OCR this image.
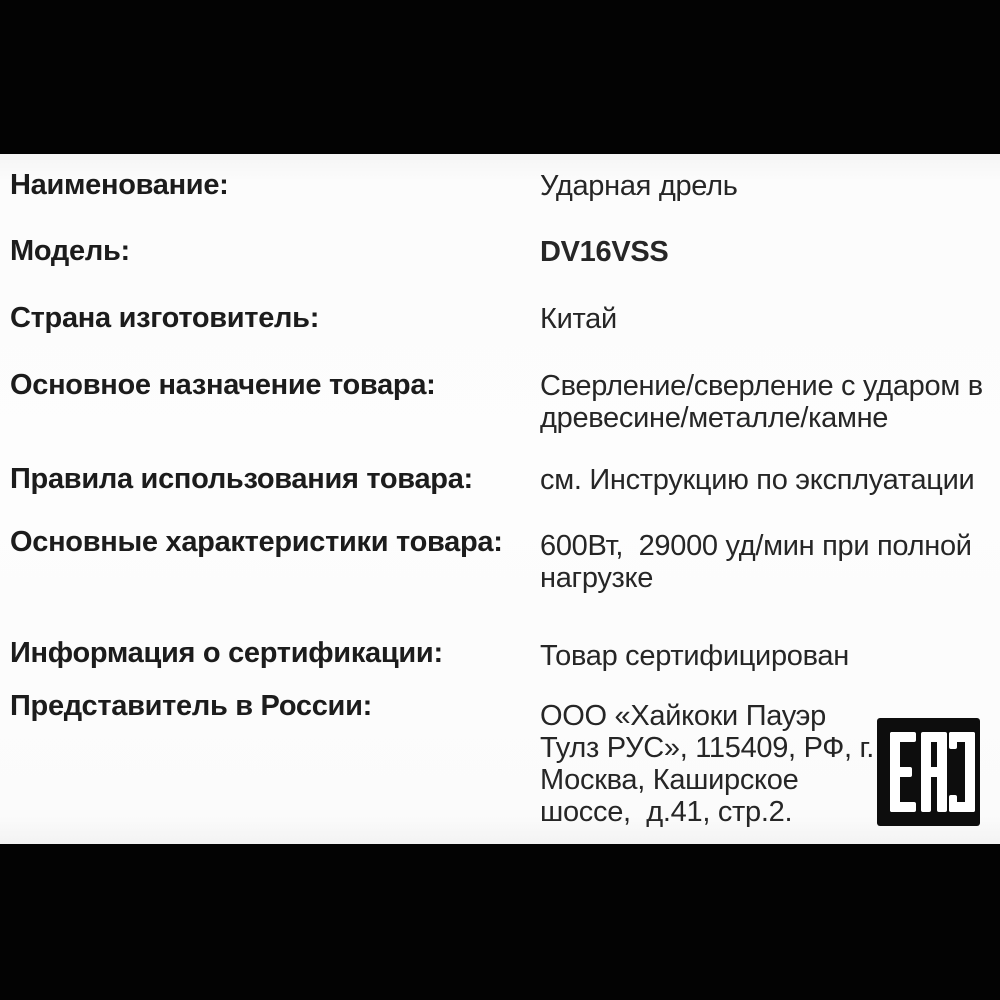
Наименование:	Ударная дрель
Модель:	DV16VSS
Страна изготовитель:	Китай
Основное назначение товара:	Сверление/сверление с ударом в
древесине/металле/камне
Правила использования товара:	см. Инструкцию по эксплуатации
Основные характеристики товара:	600Вт,  29000 уд/мин при полной
нагрузке
Информация о сертификации:	Товар сертифицирован
Представитель в России:	ООО «Хайкоки Пауэр
Тулз РУС», 115409, РФ, г.
Москва, Каширское
шоссе,  д.41, стр.2.
